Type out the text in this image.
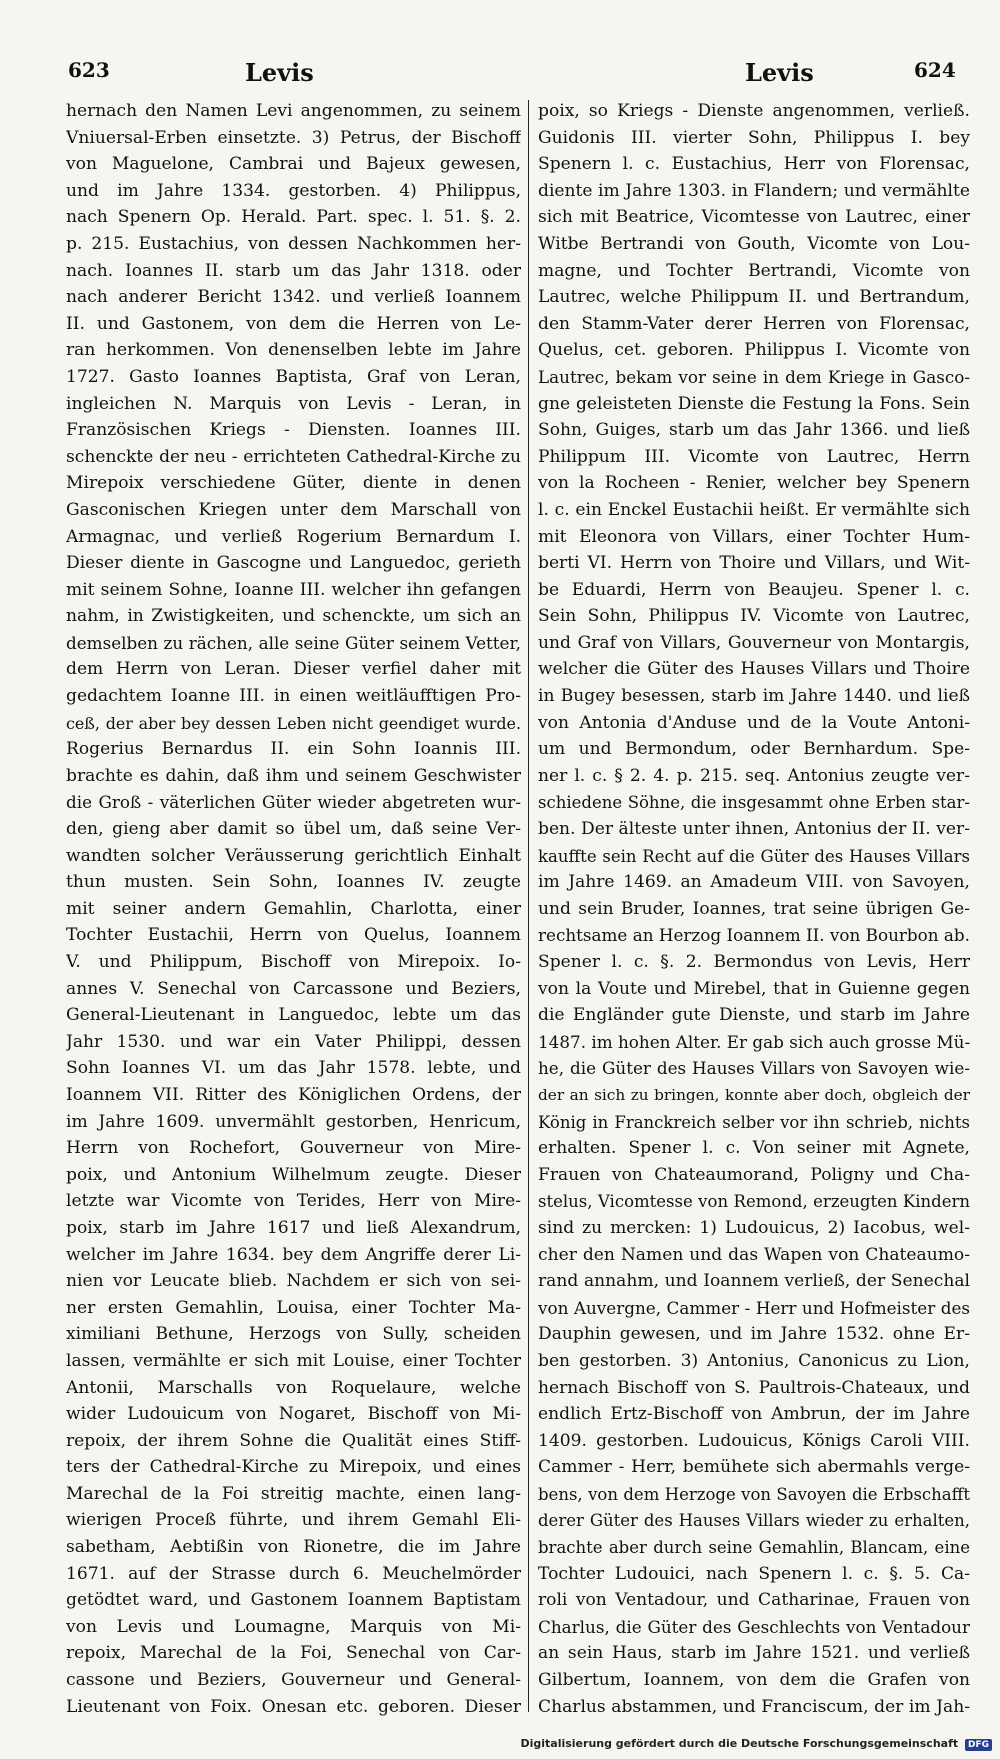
623	Levis	Levis	624

hernach den Namen Levi angenommen, zu seinem

Vniuersal-Erben einsetzte. 3) Petrus, der Bischoff

von Maguelone, Cambrai und Bajeux gewesen,

und im Jahre 1334. gestorben. 4) Philippus,

nach Spenern Op. Herald. Part. spec. l. 51. §. 2.

p. 215. Eustachius, von dessen Nachkommen her-

nach. Ioannes II. starb um das Jahr 1318. oder

nach anderer Bericht 1342. und verließ Ioannem

II. und Gastonem, von dem die Herren von Le-

ran herkommen. Von denenselben lebte im Jahre

1727. Gasto Ioannes Baptista, Graf von Leran,

ingleichen N. Marquis von Levis - Leran, in

Französischen Kriegs - Diensten. Ioannes III.

schenckte der neu - errichteten Cathedral-Kirche zu

Mirepoix verschiedene Güter, diente in denen

Gasconischen Kriegen unter dem Marschall von

Armagnac, und verließ Rogerium Bernardum I.

Dieser diente in Gascogne und Languedoc, gerieth

mit seinem Sohne, Ioanne III. welcher ihn gefangen

nahm, in Zwistigkeiten, und schenckte, um sich an

demselben zu rächen, alle seine Güter seinem Vetter,

dem Herrn von Leran. Dieser verfiel daher mit

gedachtem Ioanne III. in einen weitläufftigen Pro-

ceß, der aber bey dessen Leben nicht geendiget wurde.

Rogerius Bernardus II. ein Sohn Ioannis III.

brachte es dahin, daß ihm und seinem Geschwister

die Groß - väterlichen Güter wieder abgetreten wur-

den, gieng aber damit so übel um, daß seine Ver-

wandten solcher Veräusserung gerichtlich Einhalt

thun musten. Sein Sohn, Ioannes IV. zeugte

mit seiner andern Gemahlin, Charlotta, einer

Tochter Eustachii, Herrn von Quelus, Ioannem

V. und Philippum, Bischoff von Mirepoix. Io-

annes V. Senechal von Carcassone und Beziers,

General-Lieutenant in Languedoc, lebte um das

Jahr 1530. und war ein Vater Philippi, dessen

Sohn Ioannes VI. um das Jahr 1578. lebte, und

Ioannem VII. Ritter des Königlichen Ordens, der

im Jahre 1609. unvermählt gestorben, Henricum,

Herrn von Rochefort, Gouverneur von Mire-

poix, und Antonium Wilhelmum zeugte. Dieser

letzte war Vicomte von Terides, Herr von Mire-

poix, starb im Jahre 1617 und ließ Alexandrum,

welcher im Jahre 1634. bey dem Angriffe derer Li-

nien vor Leucate blieb. Nachdem er sich von sei-

ner ersten Gemahlin, Louisa, einer Tochter Ma-

ximiliani Bethune, Herzogs von Sully, scheiden

lassen, vermählte er sich mit Louise, einer Tochter

Antonii, Marschalls von Roquelaure, welche

wider Ludouicum von Nogaret, Bischoff von Mi-

repoix, der ihrem Sohne die Qualität eines Stiff-

ters der Cathedral-Kirche zu Mirepoix, und eines

Marechal de la Foi streitig machte, einen lang-

wierigen Proceß führte, und ihrem Gemahl Eli-

sabetham, Aebtißin von Rionetre, die im Jahre

1671. auf der Strasse durch 6. Meuchelmörder

getödtet ward, und Gastonem Ioannem Baptistam

von Levis und Loumagne, Marquis von Mi-

repoix, Marechal de la Foi, Senechal von Car-

cassone und Beziers, Gouverneur und General-

Lieutenant von Foix. Onesan etc. geboren. Dieser

poix, so Kriegs - Dienste angenommen, verließ.

Guidonis III. vierter Sohn, Philippus I. bey

Spenern l. c. Eustachius, Herr von Florensac,

diente im Jahre 1303. in Flandern; und vermählte

sich mit Beatrice, Vicomtesse von Lautrec, einer

Witbe Bertrandi von Gouth, Vicomte von Lou-

magne, und Tochter Bertrandi, Vicomte von

Lautrec, welche Philippum II. und Bertrandum,

den Stamm-Vater derer Herren von Florensac,

Quelus, cet. geboren. Philippus I. Vicomte von

Lautrec, bekam vor seine in dem Kriege in Gasco-

gne geleisteten Dienste die Festung la Fons. Sein

Sohn, Guiges, starb um das Jahr 1366. und ließ

Philippum III. Vicomte von Lautrec, Herrn

von la Rocheen - Renier, welcher bey Spenern

l. c. ein Enckel Eustachii heißt. Er vermählte sich

mit Eleonora von Villars, einer Tochter Hum-

berti VI. Herrn von Thoire und Villars, und Wit-

be Eduardi, Herrn von Beaujeu. Spener l. c.

Sein Sohn, Philippus IV. Vicomte von Lautrec,

und Graf von Villars, Gouverneur von Montargis,

welcher die Güter des Hauses Villars und Thoire

in Bugey besessen, starb im Jahre 1440. und ließ

von Antonia d'Anduse und de la Voute Antoni-

um und Bermondum, oder Bernhardum. Spe-

ner l. c. § 2. 4. p. 215. seq. Antonius zeugte ver-

schiedene Söhne, die insgesammt ohne Erben star-

ben. Der älteste unter ihnen, Antonius der II. ver-

kauffte sein Recht auf die Güter des Hauses Villars

im Jahre 1469. an Amadeum VIII. von Savoyen,

und sein Bruder, Ioannes, trat seine übrigen Ge-

rechtsame an Herzog Ioannem II. von Bourbon ab.

Spener l. c. §. 2. Bermondus von Levis, Herr

von la Voute und Mirebel, that in Guienne gegen

die Engländer gute Dienste, und starb im Jahre

1487. im hohen Alter. Er gab sich auch grosse Mü-

he, die Güter des Hauses Villars von Savoyen wie-

der an sich zu bringen, konnte aber doch, obgleich der

König in Franckreich selber vor ihn schrieb, nichts

erhalten. Spener l. c. Von seiner mit Agnete,

Frauen von Chateaumorand, Poligny und Cha-

stelus, Vicomtesse von Remond, erzeugten Kindern

sind zu mercken: 1) Ludouicus, 2) Iacobus, wel-

cher den Namen und das Wapen von Chateaumo-

rand annahm, und Ioannem verließ, der Senechal

von Auvergne, Cammer - Herr und Hofmeister des

Dauphin gewesen, und im Jahre 1532. ohne Er-

ben gestorben. 3) Antonius, Canonicus zu Lion,

hernach Bischoff von S. Paultrois-Chateaux, und

endlich Ertz-Bischoff von Ambrun, der im Jahre

1409. gestorben. Ludouicus, Königs Caroli VIII.

Cammer - Herr, bemühete sich abermahls verge-

bens, von dem Herzoge von Savoyen die Erbschafft

derer Güter des Hauses Villars wieder zu erhalten,

brachte aber durch seine Gemahlin, Blancam, eine

Tochter Ludouici, nach Spenern l. c. §. 5. Ca-

roli von Ventadour, und Catharinae, Frauen von

Charlus, die Güter des Geschlechts von Ventadour

an sein Haus, starb im Jahre 1521. und verließ

Gilbertum, Ioannem, von dem die Grafen von

Charlus abstammen, und Franciscum, der im Jah-

Digitalisierung gefördert durch die Deutsche Forschungsgemeinschaft DFG
